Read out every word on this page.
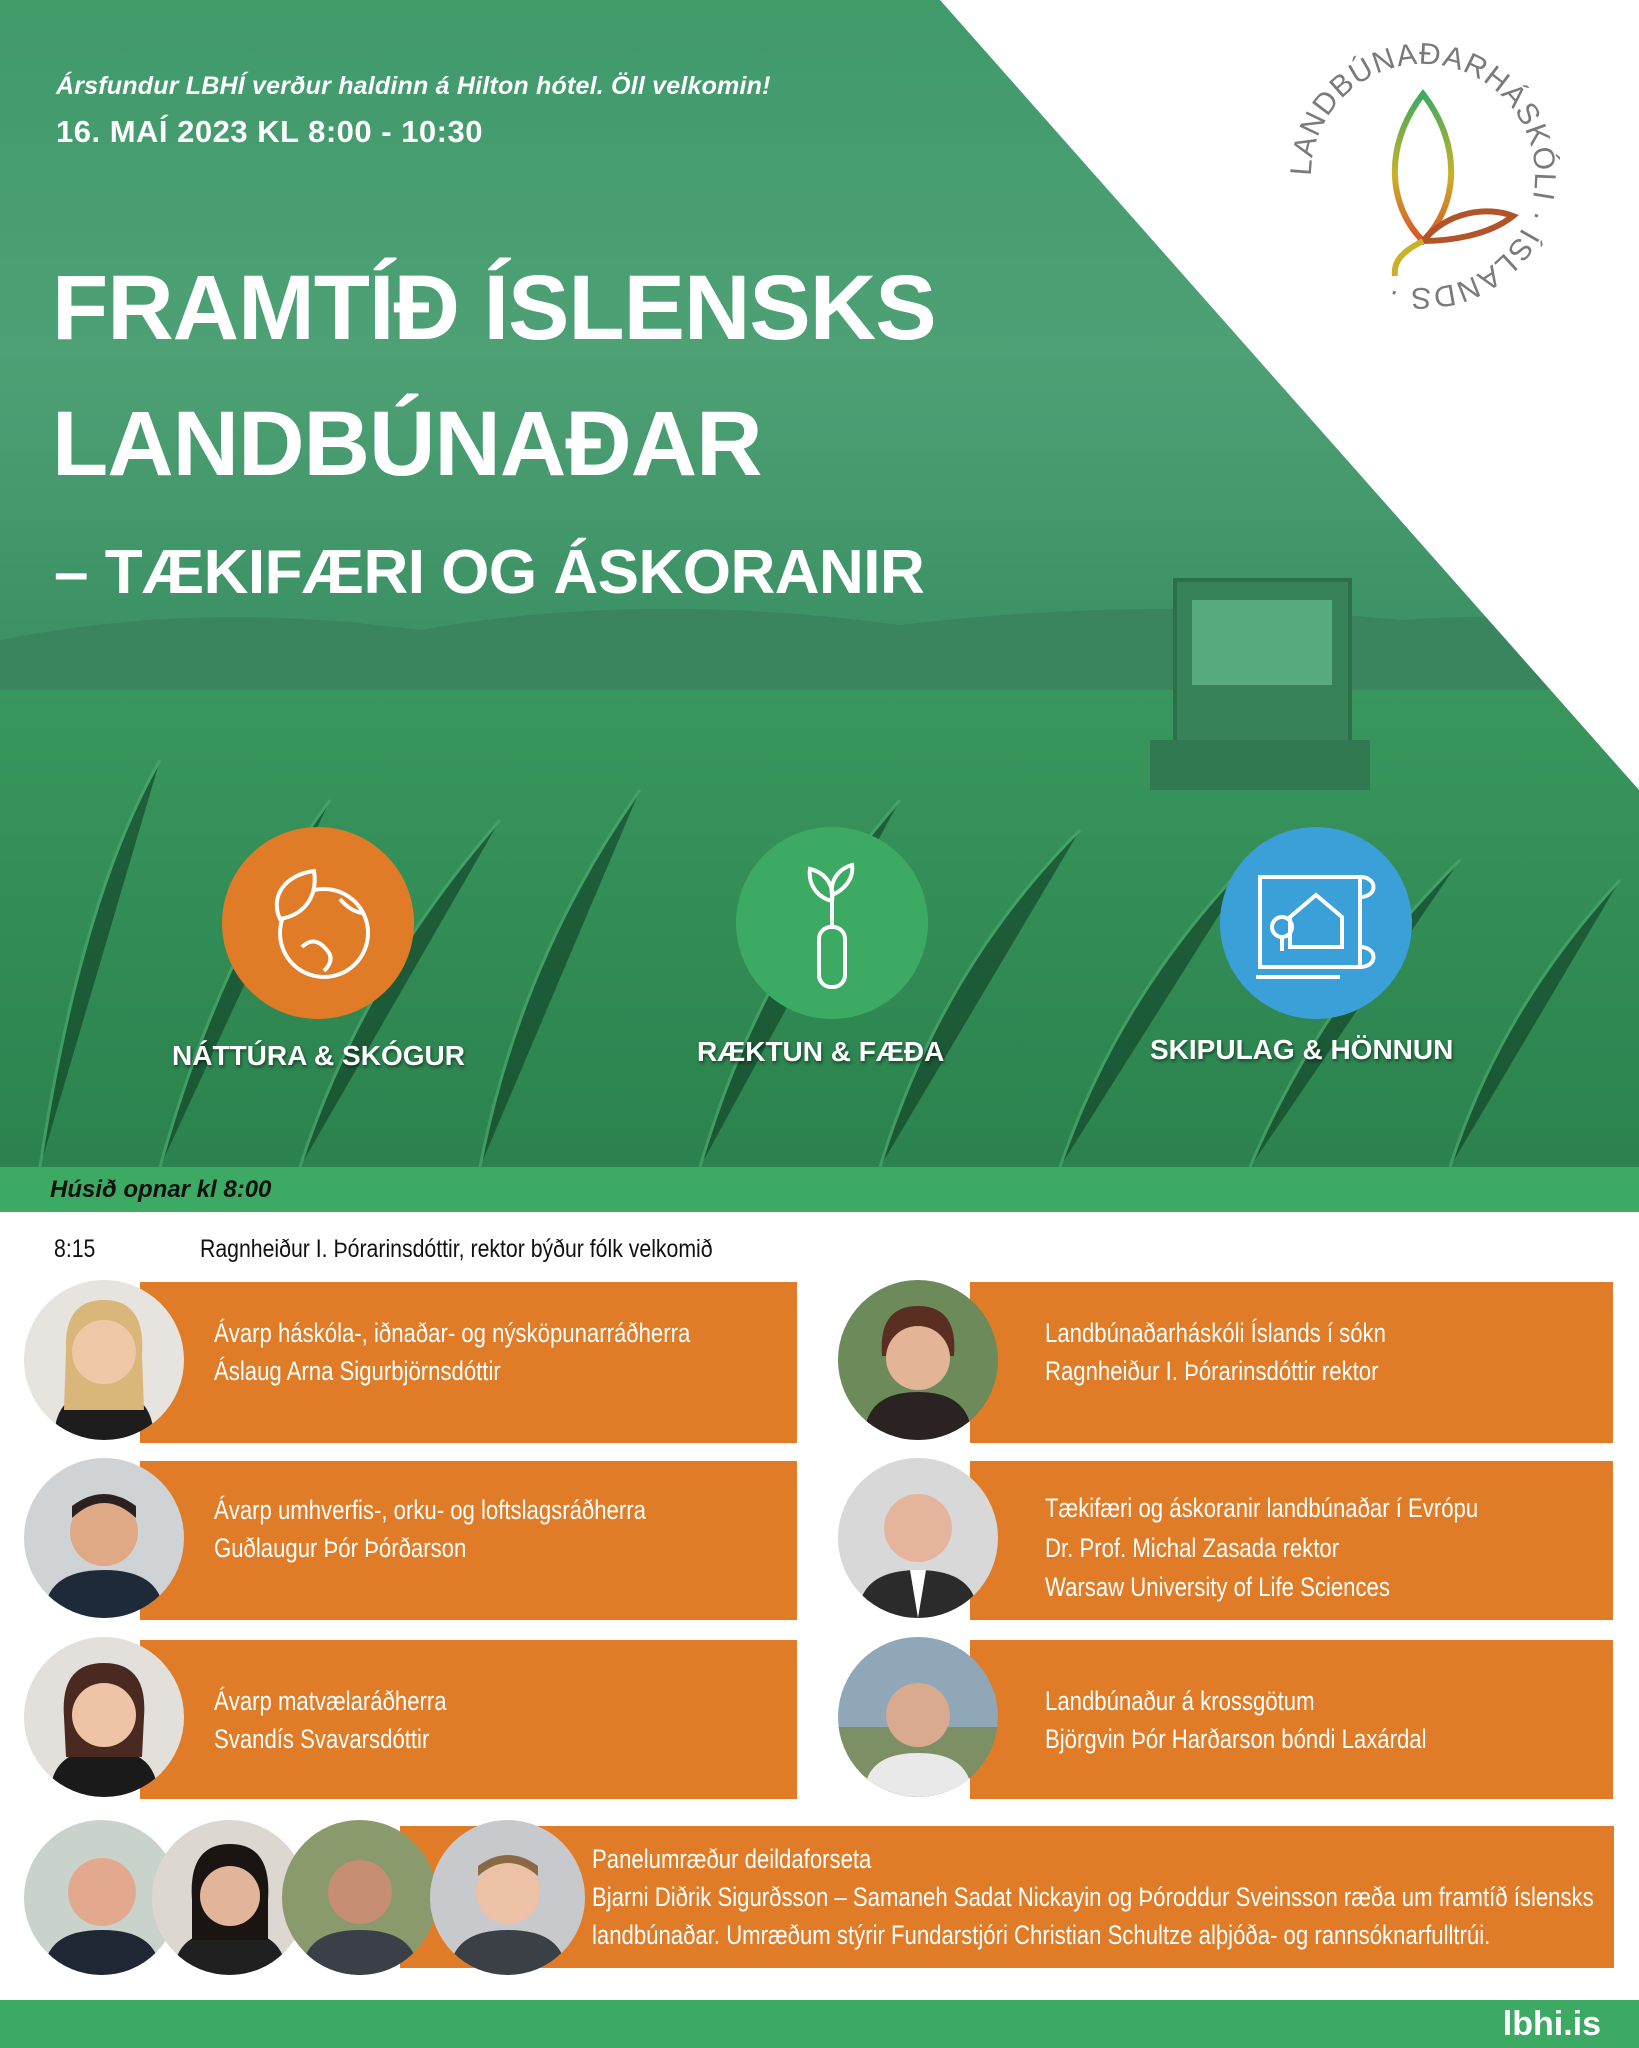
Ársfundur LBHÍ verður haldinn á Hilton hótel. Öll velkomin!
16. MAÍ 2023 KL 8:00 - 10:30
FRAMTÍÐ ÍSLENSKS
LANDBÚNAÐAR
– TÆKIFÆRI OG ÁSKORANIR
LANDBÚNAÐARHÁSKÓLI · ÍSLANDS ·
NÁTTÚRA & SKÓGUR	RÆKTUN & FÆÐA	SKIPULAG & HÖNNUN
Húsið opnar kl 8:00
8:15	Ragnheiður I. Þórarinsdóttir, rektor býður fólk velkomið
Ávarp háskóla-, iðnaðar- og nýsköpunarráðherra
Áslaug Arna Sigurbjörnsdóttir
Ávarp umhverfis-, orku- og loftslagsráðherra
Guðlaugur Þór Þórðarson
Ávarp matvælaráðherra
Svandís Svavarsdóttir
Landbúnaðarháskóli Íslands í sókn
Ragnheiður I. Þórarinsdóttir rektor
Tækifæri og áskoranir landbúnaðar í Evrópu
Dr. Prof. Michal Zasada rektor
Warsaw University of Life Sciences
Landbúnaður á krossgötum
Björgvin Þór Harðarson bóndi Laxárdal
Panelumræður deildaforseta
Bjarni Diðrik Sigurðsson – Samaneh Sadat Nickayin og Þóroddur Sveinsson ræða um framtíð íslensks
landbúnaðar. Umræðum stýrir Fundarstjóri Christian Schultze alþjóða- og rannsóknarfulltrúi.
lbhi.is
